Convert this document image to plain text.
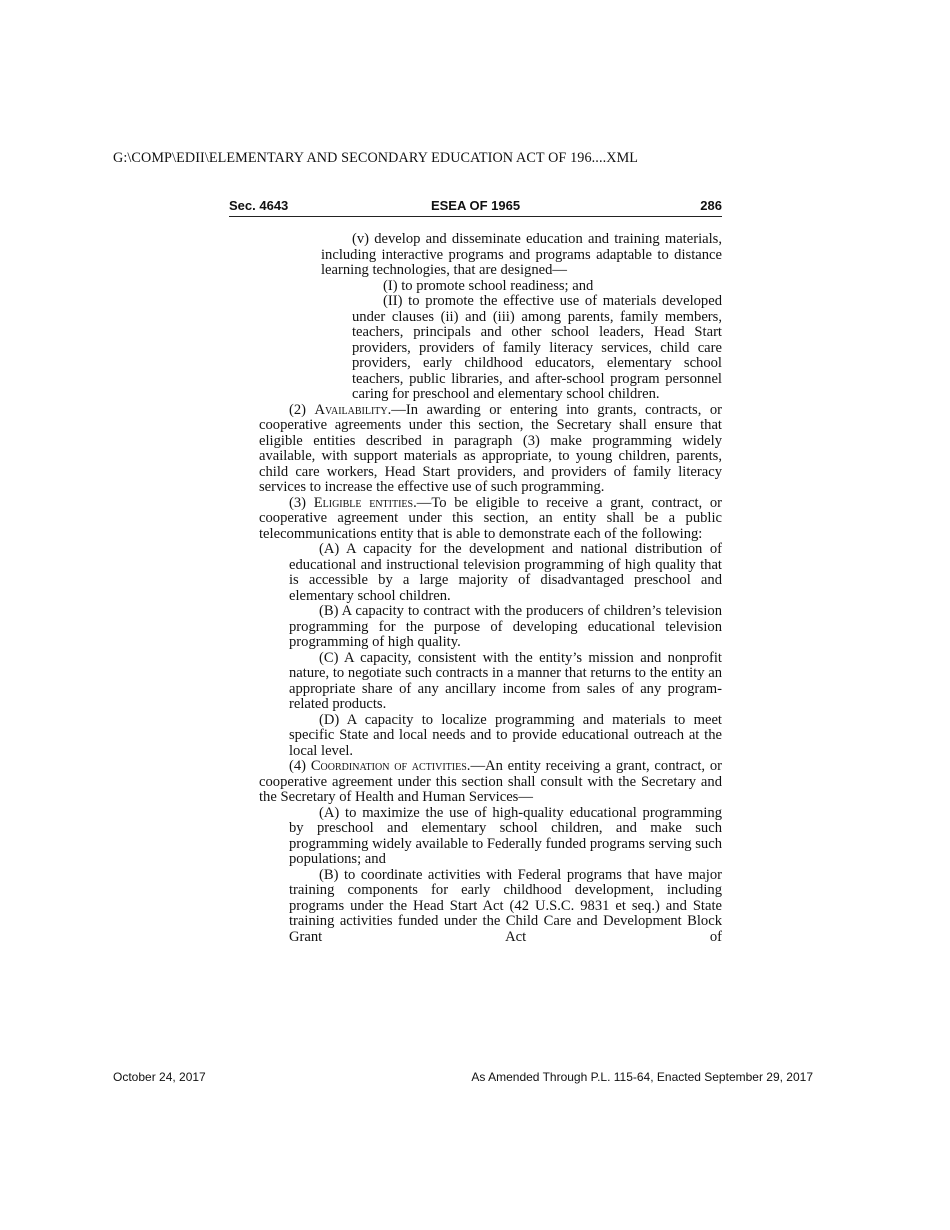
G:\COMP\EDII\ELEMENTARY AND SECONDARY EDUCATION ACT OF 196....XML
Sec. 4643	ESEA OF 1965	286
(v) develop and disseminate education and training materials, including interactive programs and programs adaptable to distance learning technologies, that are designed—
(I) to promote school readiness; and
(II) to promote the effective use of materials developed under clauses (ii) and (iii) among parents, family members, teachers, principals and other school leaders, Head Start providers, providers of family literacy services, child care providers, early childhood educators, elementary school teachers, public libraries, and after-school program personnel caring for preschool and elementary school children.
(2) Availability.—In awarding or entering into grants, contracts, or cooperative agreements under this section, the Secretary shall ensure that eligible entities described in paragraph (3) make programming widely available, with support materials as appropriate, to young children, parents, child care workers, Head Start providers, and providers of family literacy services to increase the effective use of such programming.
(3) Eligible entities.—To be eligible to receive a grant, contract, or cooperative agreement under this section, an entity shall be a public telecommunications entity that is able to demonstrate each of the following:
(A) A capacity for the development and national distribution of educational and instructional television programming of high quality that is accessible by a large majority of disadvantaged preschool and elementary school children.
(B) A capacity to contract with the producers of children’s television programming for the purpose of developing educational television programming of high quality.
(C) A capacity, consistent with the entity’s mission and nonprofit nature, to negotiate such contracts in a manner that returns to the entity an appropriate share of any ancillary income from sales of any program-related products.
(D) A capacity to localize programming and materials to meet specific State and local needs and to provide educational outreach at the local level.
(4) Coordination of activities.—An entity receiving a grant, contract, or cooperative agreement under this section shall consult with the Secretary and the Secretary of Health and Human Services—
(A) to maximize the use of high-quality educational programming by preschool and elementary school children, and make such programming widely available to Federally funded programs serving such populations; and
(B) to coordinate activities with Federal programs that have major training components for early childhood development, including programs under the Head Start Act (42 U.S.C. 9831 et seq.) and State training activities funded under the Child Care and Development Block Grant Act of
October 24, 2017	As Amended Through P.L. 115-64, Enacted September 29, 2017
